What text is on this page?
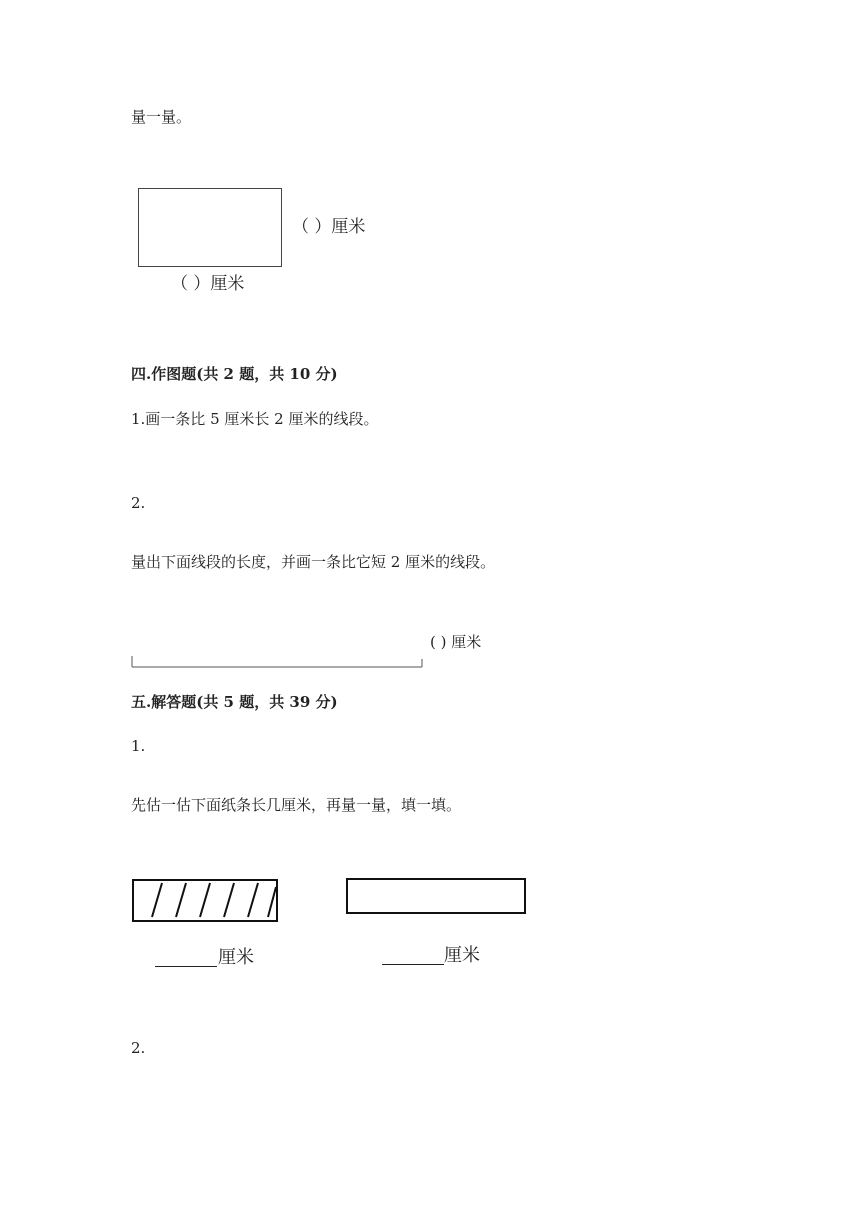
量一量。
（ ）厘米
（ ）厘米
四.作图题(共 2 题，共 10 分)
1.画一条比 5 厘米长 2 厘米的线段。
2.
量出下面线段的长度，并画一条比它短 2 厘米的线段。
( ) 厘米
五.解答题(共 5 题，共 39 分)
1.
先估一估下面纸条长几厘米，再量一量，填一填。
厘米	厘米
2.
